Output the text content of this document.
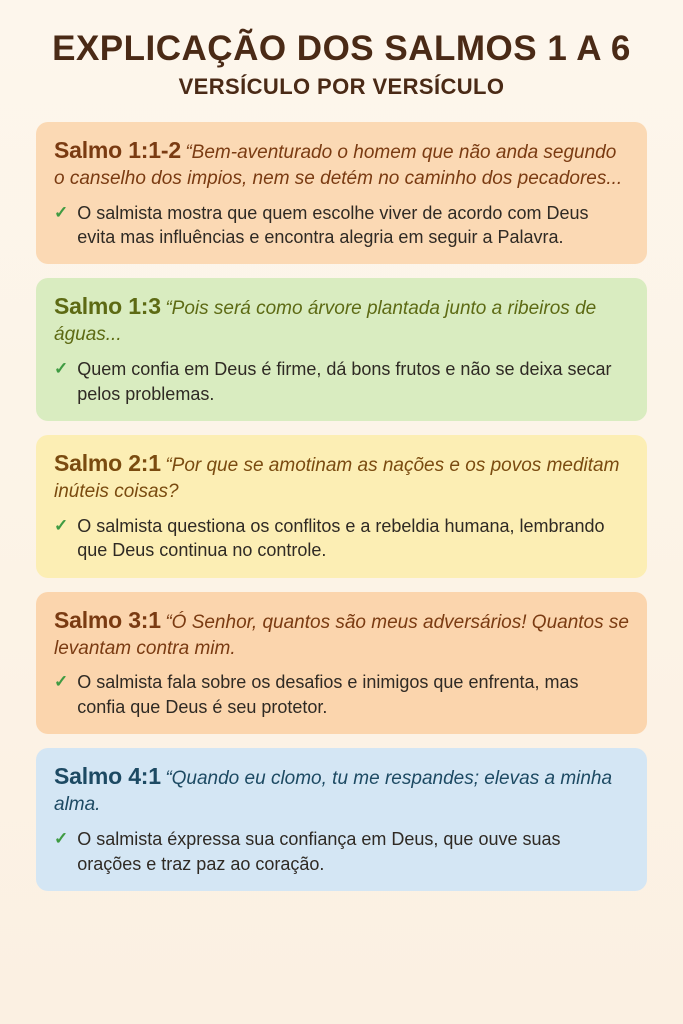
EXPLICAÇÃO DOS SALMOS 1 A 6
VERSÍCULO POR VERSÍCULO

Salmo 1:1-2 “Bem-aventurado o homem que não anda segundo o canselho dos impios, nem se detém no caminho dos pecadores...

✓ O salmista mostra que quem escolhe viver de acordo com Deus evita mas influências e encontra alegria em seguir a Palavra.

Salmo 1:3 “Pois será como árvore plantada junto a ribeiros de águas...

✓ Quem confia em Deus é firme, dá bons frutos e não se deixa secar pelos problemas.

Salmo 2:1 “Por que se amotinam as nações e os povos meditam inúteis coisas?

✓ O salmista questiona os conflitos e a rebeldia humana, lembrando que Deus continua no controle.

Salmo 3:1 “Ó Senhor, quantos são meus adversários! Quantos se levantam contra mim.

✓ O salmista fala sobre os desafios e inimigos que enfrenta, mas confia que Deus é seu protetor.

Salmo 4:1 “Quando eu clomo, tu me respandes; elevas a minha alma.

✓ O salmista éxpressa sua confiança em Deus, que ouve suas orações e traz paz ao coração.
